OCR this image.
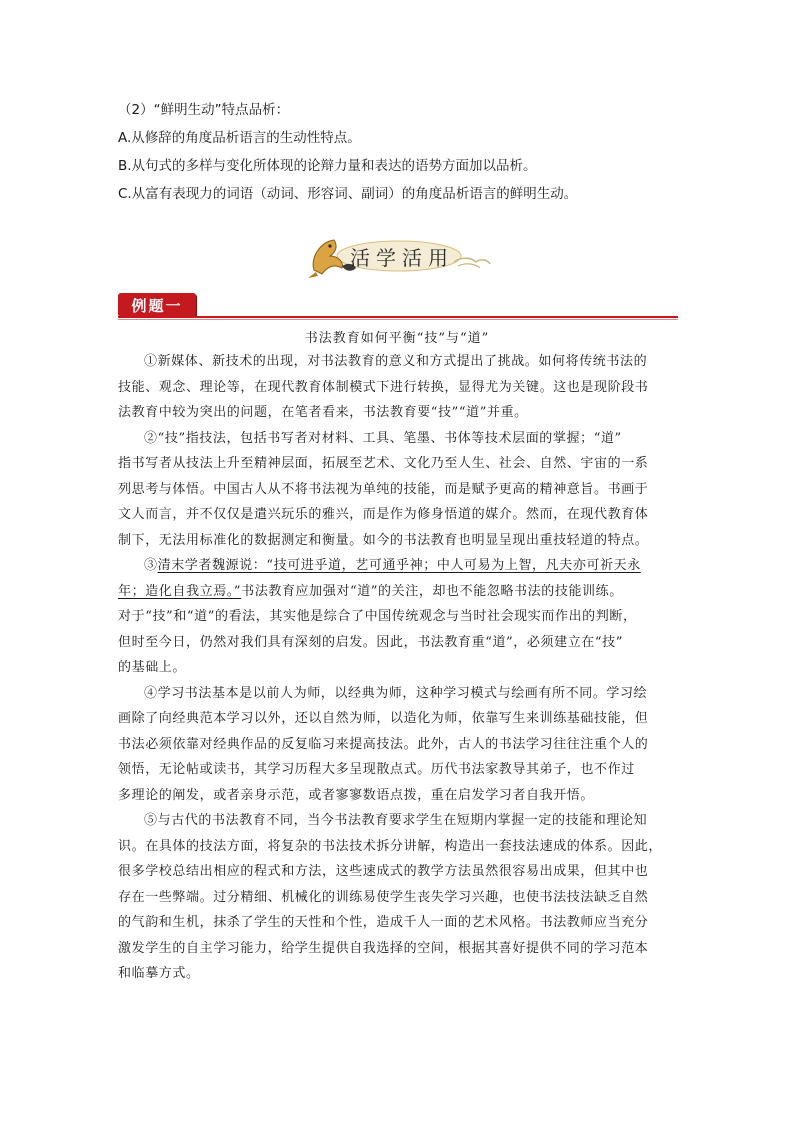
（2）“鲜明生动”特点品析：
A.从修辞的角度品析语言的生动性特点。
B.从句式的多样与变化所体现的论辩力量和表达的语势方面加以品析。
C.从富有表现力的词语（动词、形容词、副词）的角度品析语言的鲜明生动。
活学活用
例题一
书法教育如何平衡“技”与“道”
①新媒体、新技术的出现，对书法教育的意义和方式提出了挑战。如何将传统书法的
技能、观念、理论等，在现代教育体制模式下进行转换，显得尤为关键。这也是现阶段书
法教育中较为突出的问题，在笔者看来，书法教育要“技”“道”并重。
②“技”指技法，包括书写者对材料、工具、笔墨、书体等技术层面的掌握；“道”
指书写者从技法上升至精神层面，拓展至艺术、文化乃至人生、社会、自然、宇宙的一系
列思考与体悟。中国古人从不将书法视为单纯的技能，而是赋予更高的精神意旨。书画于
文人而言，并不仅仅是遣兴玩乐的雅兴，而是作为修身悟道的媒介。然而，在现代教育体
制下，无法用标准化的数据测定和衡量。如今的书法教育也明显呈现出重技轻道的特点。
③清末学者魏源说：“技可进乎道，艺可通乎神；中人可易为上智，凡夫亦可祈天永
年；造化自我立焉。”书法教育应加强对“道”的关注，却也不能忽略书法的技能训练。
对于“技”和“道”的看法，其实他是综合了中国传统观念与当时社会现实而作出的判断，
但时至今日，仍然对我们具有深刻的启发。因此，书法教育重“道”，必须建立在“技”
的基础上。
④学习书法基本是以前人为师，以经典为师，这种学习模式与绘画有所不同。学习绘
画除了向经典范本学习以外，还以自然为师，以造化为师，依靠写生来训练基础技能，但
书法必须依靠对经典作品的反复临习来提高技法。此外，古人的书法学习往往注重个人的
领悟，无论帖或读书，其学习历程大多呈现散点式。历代书法家教导其弟子，也不作过
多理论的阐发，或者亲身示范，或者寥寥数语点拨，重在启发学习者自我开悟。
⑤与古代的书法教育不同，当今书法教育要求学生在短期内掌握一定的技能和理论知
识。在具体的技法方面，将复杂的书法技术拆分讲解，构造出一套技法速成的体系。因此，
很多学校总结出相应的程式和方法，这些速成式的教学方法虽然很容易出成果，但其中也
存在一些弊端。过分精细、机械化的训练易使学生丧失学习兴趣，也使书法技法缺乏自然
的气韵和生机，抹杀了学生的天性和个性，造成千人一面的艺术风格。书法教师应当充分
激发学生的自主学习能力，给学生提供自我选择的空间，根据其喜好提供不同的学习范本
和临摹方式。
